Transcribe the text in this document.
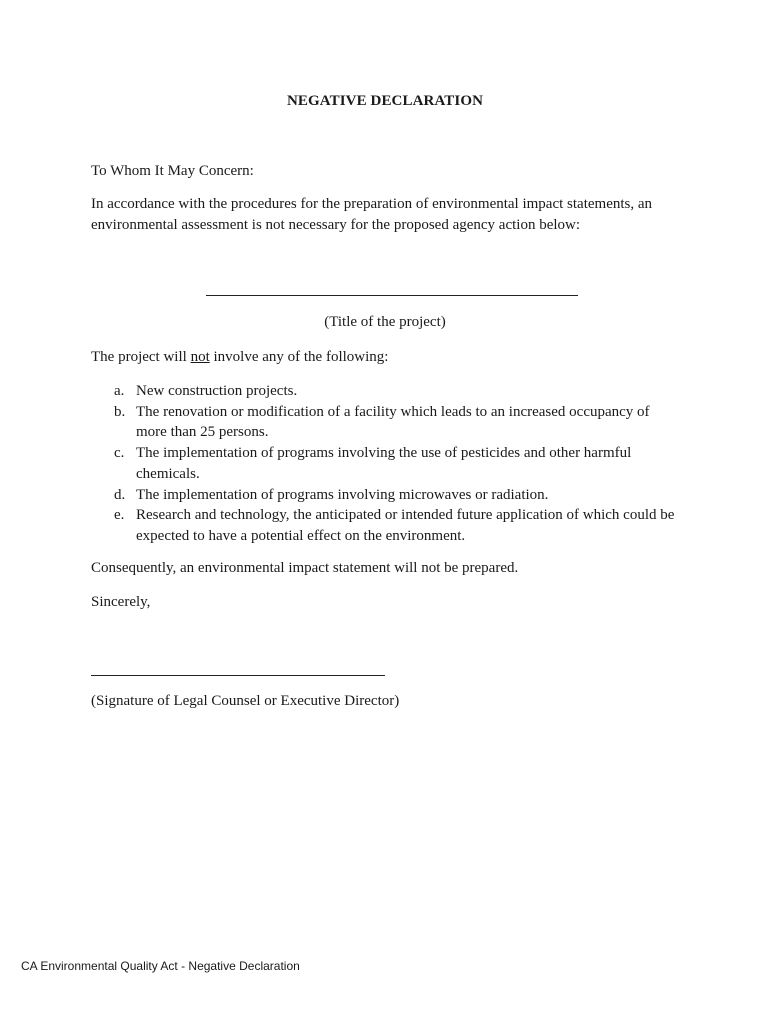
NEGATIVE DECLARATION
To Whom It May Concern:
In accordance with the procedures for the preparation of environmental impact statements, an
environmental assessment is not necessary for the proposed agency action below:
(Title of the project)
The project will not involve any of the following:
a. New construction projects.
b. The renovation or modification of a facility which leads to an increased occupancy of
more than 25 persons.
c. The implementation of programs involving the use of pesticides and other harmful
chemicals.
d. The implementation of programs involving microwaves or radiation.
e. Research and technology, the anticipated or intended future application of which could be
expected to have a potential effect on the environment.
Consequently, an environmental impact statement will not be prepared.
Sincerely,
(Signature of Legal Counsel or Executive Director)
CA Environmental Quality Act - Negative Declaration
